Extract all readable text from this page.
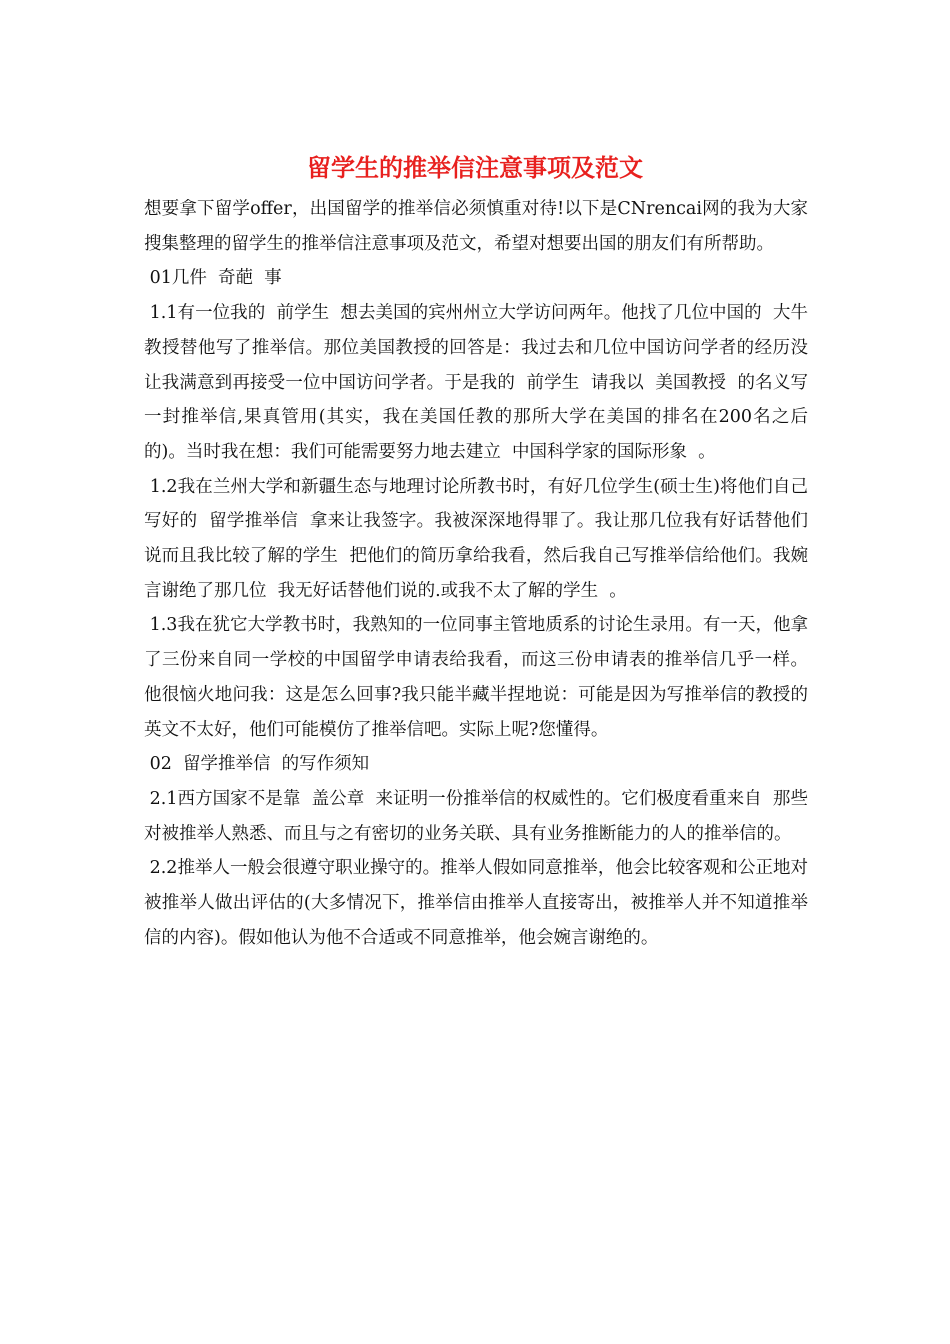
留学生的推举信注意事项及范文

想要拿下留学offer，出国留学的推举信必须慎重对待!以下是CNrencai网的我为大家搜集整理的留学生的推举信注意事项及范文，希望对想要出国的朋友们有所帮助。

01几件  奇葩  事

1.1有一位我的  前学生  想去美国的宾州州立大学访问两年。他找了几位中国的  大牛  教授替他写了推举信。那位美国教授的回答是：我过去和几位中国访问学者的经历没让我满意到再接受一位中国访问学者。于是我的  前学生  请我以  美国教授  的名义写一封推举信,果真管用(其实，我在美国任教的那所大学在美国的排名在200名之后的)。当时我在想：我们可能需要努力地去建立  中国科学家的国际形象  。

1.2我在兰州大学和新疆生态与地理讨论所教书时，有好几位学生(硕士生)将他们自己写好的  留学推举信  拿来让我签字。我被深深地得罪了。我让那几位我有好话替他们说而且我比较了解的学生  把他们的简历拿给我看，然后我自己写推举信给他们。我婉言谢绝了那几位  我无好话替他们说的.或我不太了解的学生  。

1.3我在犹它大学教书时，我熟知的一位同事主管地质系的讨论生录用。有一天，他拿了三份来自同一学校的中国留学申请表给我看，而这三份申请表的推举信几乎一样。他很恼火地问我：这是怎么回事?我只能半藏半捏地说：可能是因为写推举信的教授的英文不太好，他们可能模仿了推举信吧。实际上呢?您懂得。

02  留学推举信  的写作须知

2.1西方国家不是靠  盖公章  来证明一份推举信的权威性的。它们极度看重来自  那些对被推举人熟悉、而且与之有密切的业务关联、具有业务推断能力的人的推举信的。

2.2推举人一般会很遵守职业操守的。推举人假如同意推举，他会比较客观和公正地对被推举人做出评估的(大多情况下，推举信由推举人直接寄出，被推举人并不知道推举信的内容)。假如他认为他不合适或不同意推举，他会婉言谢绝的。
